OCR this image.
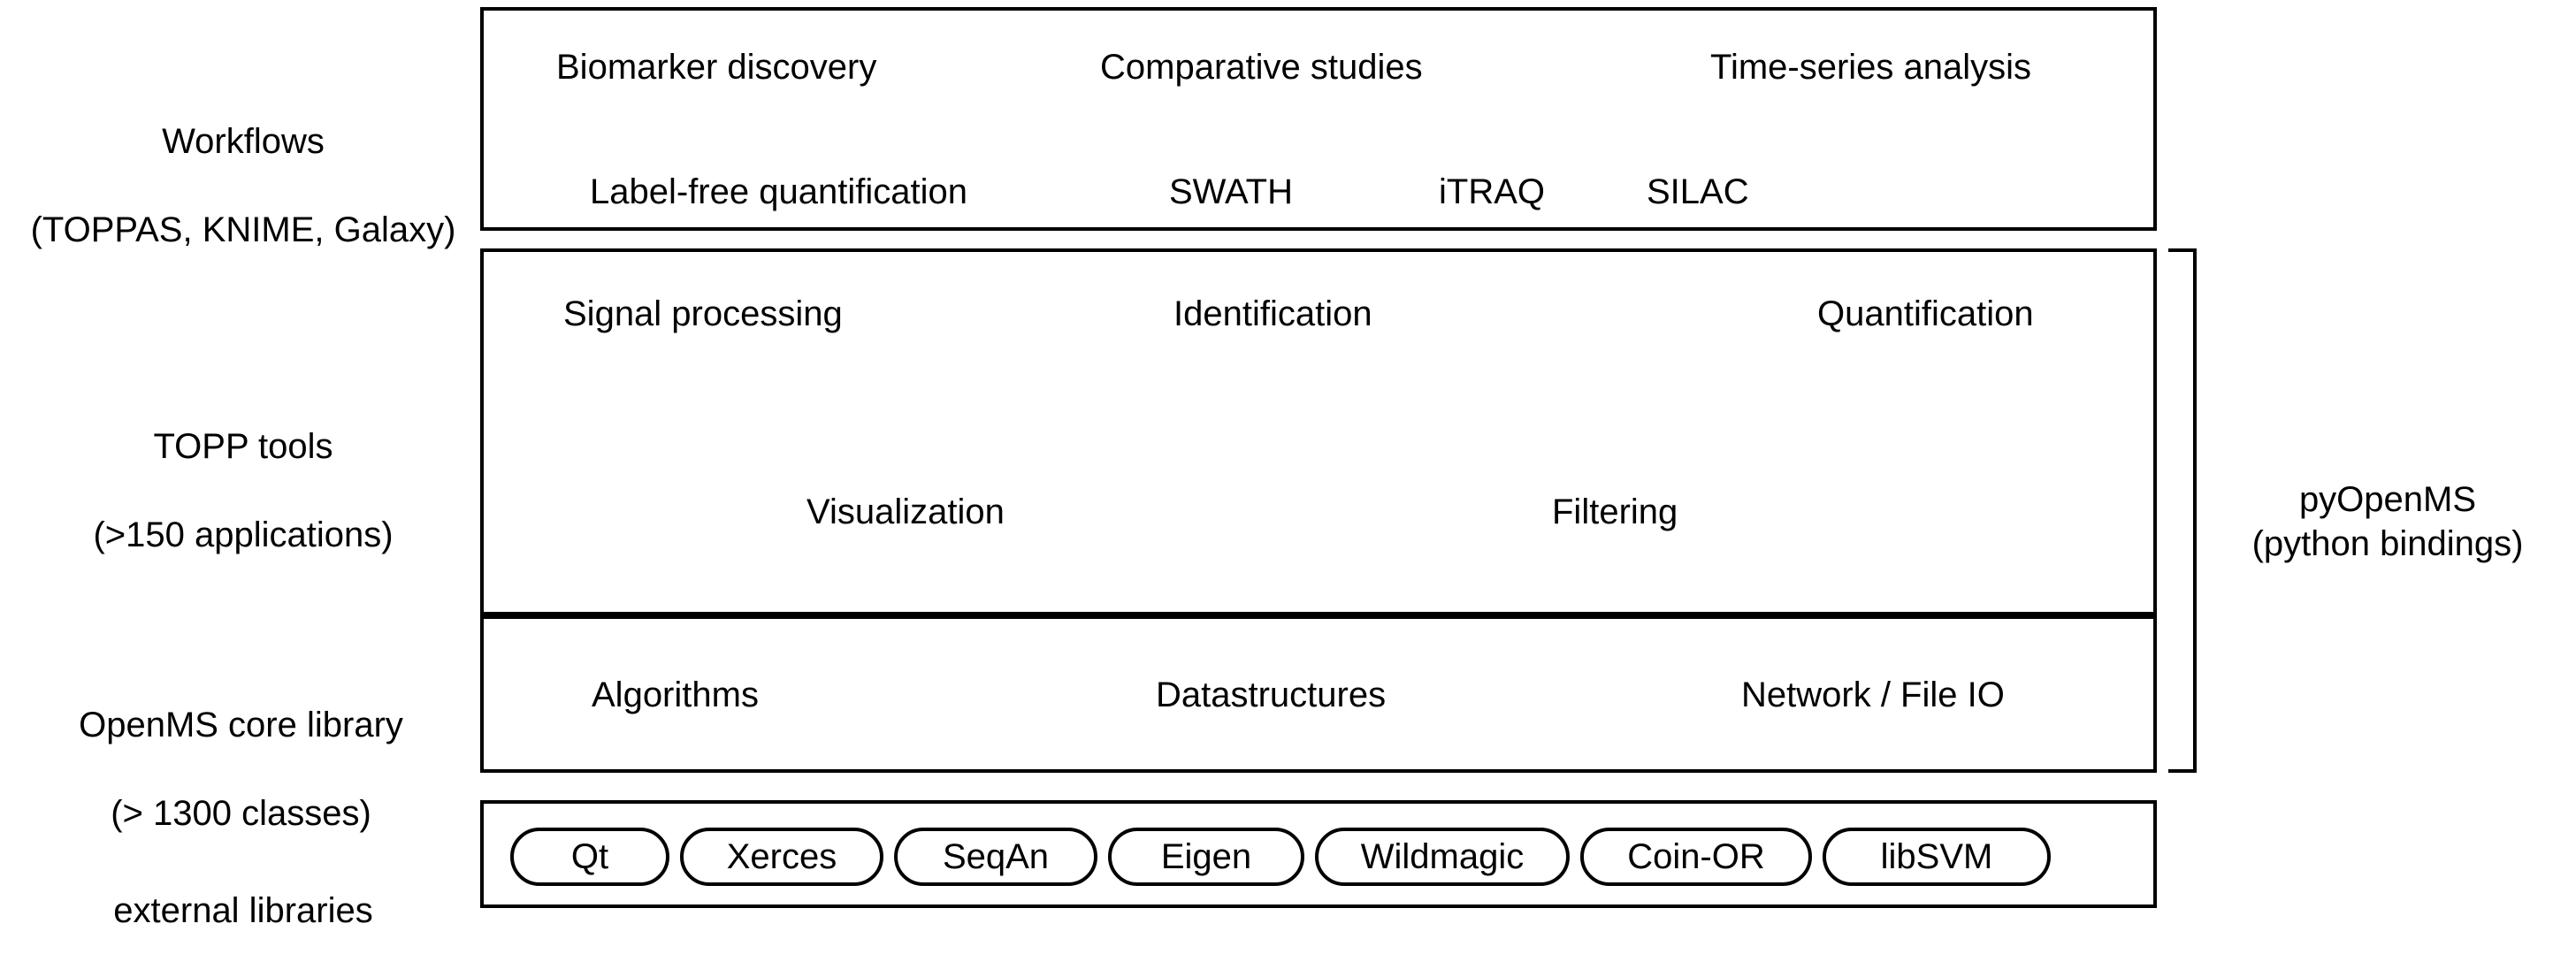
Workflows

(TOPPAS, KNIME, Galaxy)

Biomarker discovery	Comparative studies	Time-series analysis
Label-free quantification	SWATH	iTRAQ	SILAC

TOPP tools

(>150 applications)

Signal processing	Identification	Quantification
Visualization	Filtering

OpenMS core library

(> 1300 classes)

Algorithms	Datastructures	Network / File IO

external libraries

Qt	Xerces	SeqAn	Eigen	Wildmagic	Coin-OR	libSVM
pyOpenMS
(python bindings)
